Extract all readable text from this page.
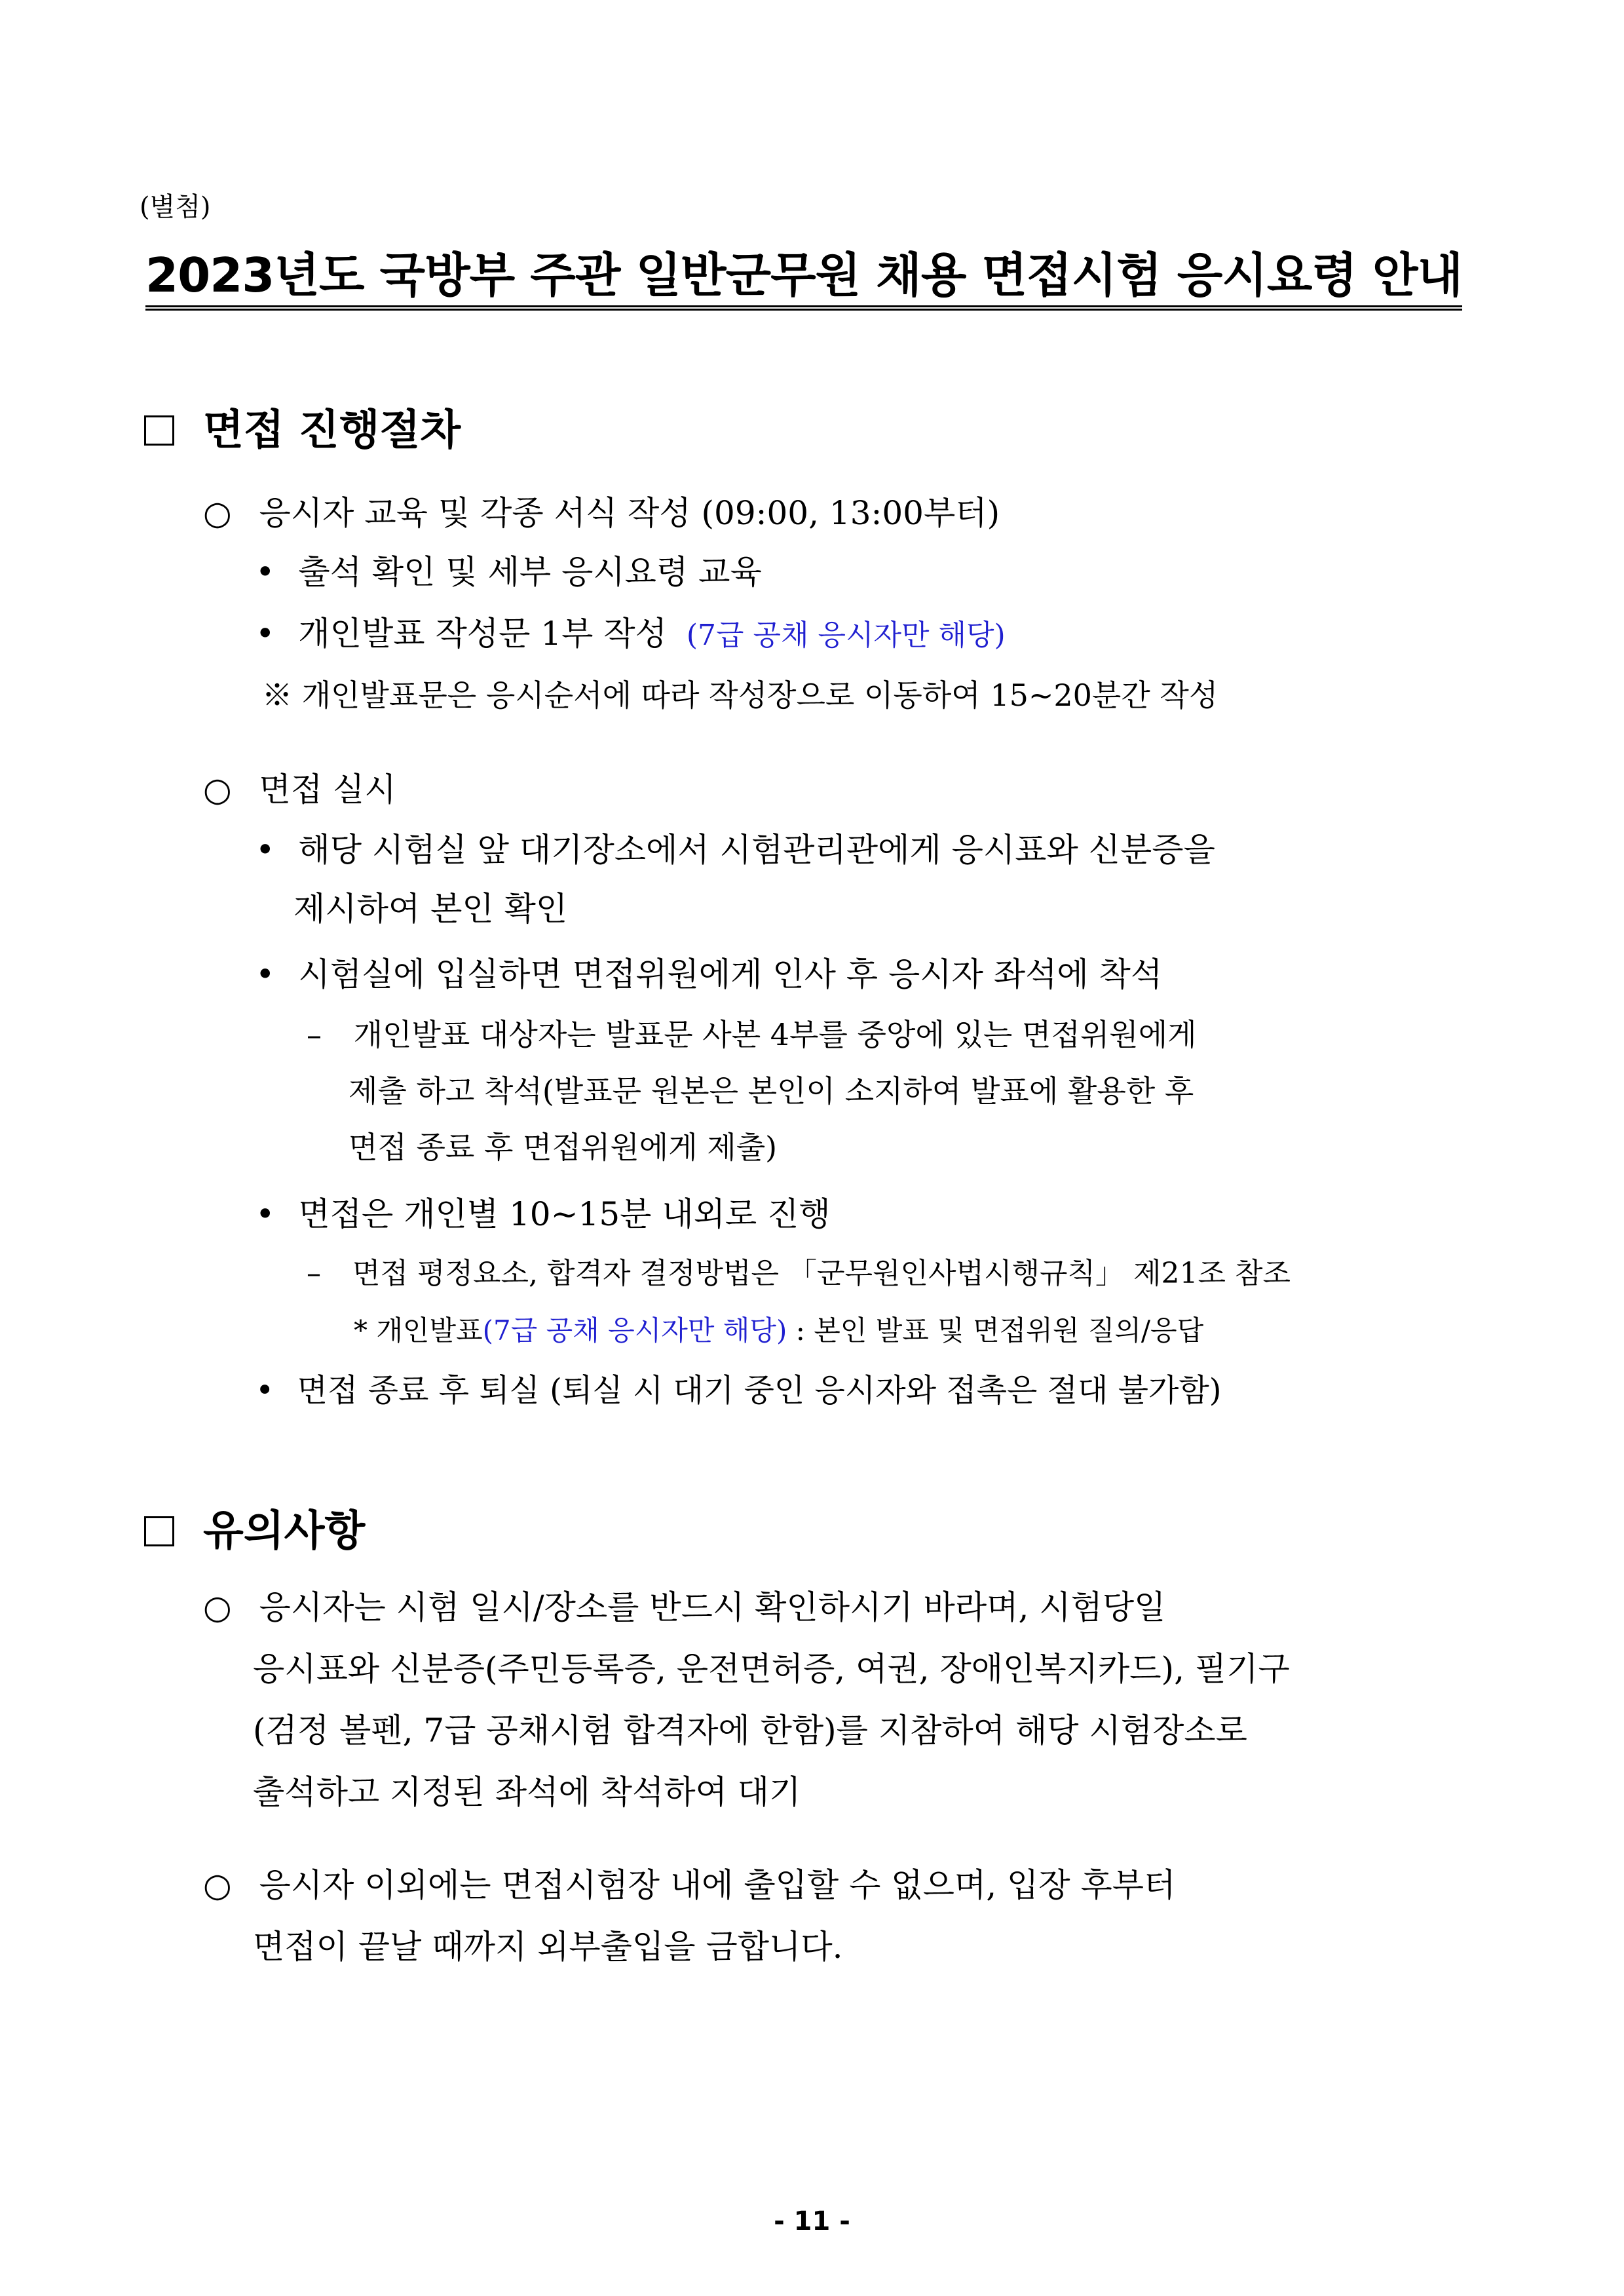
(별첨)
2023년도 국방부 주관 일반군무원 채용 면접시험 응시요령 안내
면접 진행절차
○ 응시자 교육 및 각종 서식 작성 (09:00, 13:00부터)
• 출석 확인 및 세부 응시요령 교육
• 개인발표 작성문 1부 작성 (7급 공채 응시자만 해당)
※ 개인발표문은 응시순서에 따라 작성장으로 이동하여 15~20분간 작성
○ 면접 실시
• 해당 시험실 앞 대기장소에서 시험관리관에게 응시표와 신분증을
제시하여 본인 확인
• 시험실에 입실하면 면접위원에게 인사 후 응시자 좌석에 착석
– 개인발표 대상자는 발표문 사본 4부를 중앙에 있는 면접위원에게
제출 하고 착석(발표문 원본은 본인이 소지하여 발표에 활용한 후
면접 종료 후 면접위원에게 제출)
• 면접은 개인별 10~15분 내외로 진행
– 면접 평정요소, 합격자 결정방법은 「군무원인사법시행규칙」 제21조 참조
* 개인발표(7급 공채 응시자만 해당) : 본인 발표 및 면접위원 질의/응답
• 면접 종료 후 퇴실 (퇴실 시 대기 중인 응시자와 접촉은 절대 불가함)
유의사항
○ 응시자는 시험 일시/장소를 반드시 확인하시기 바라며, 시험당일
응시표와 신분증(주민등록증, 운전면허증, 여권, 장애인복지카드), 필기구
(검정 볼펜, 7급 공채시험 합격자에 한함)를 지참하여 해당 시험장소로
출석하고 지정된 좌석에 착석하여 대기
○ 응시자 이외에는 면접시험장 내에 출입할 수 없으며, 입장 후부터
면접이 끝날 때까지 외부출입을 금합니다.
- 11 -
